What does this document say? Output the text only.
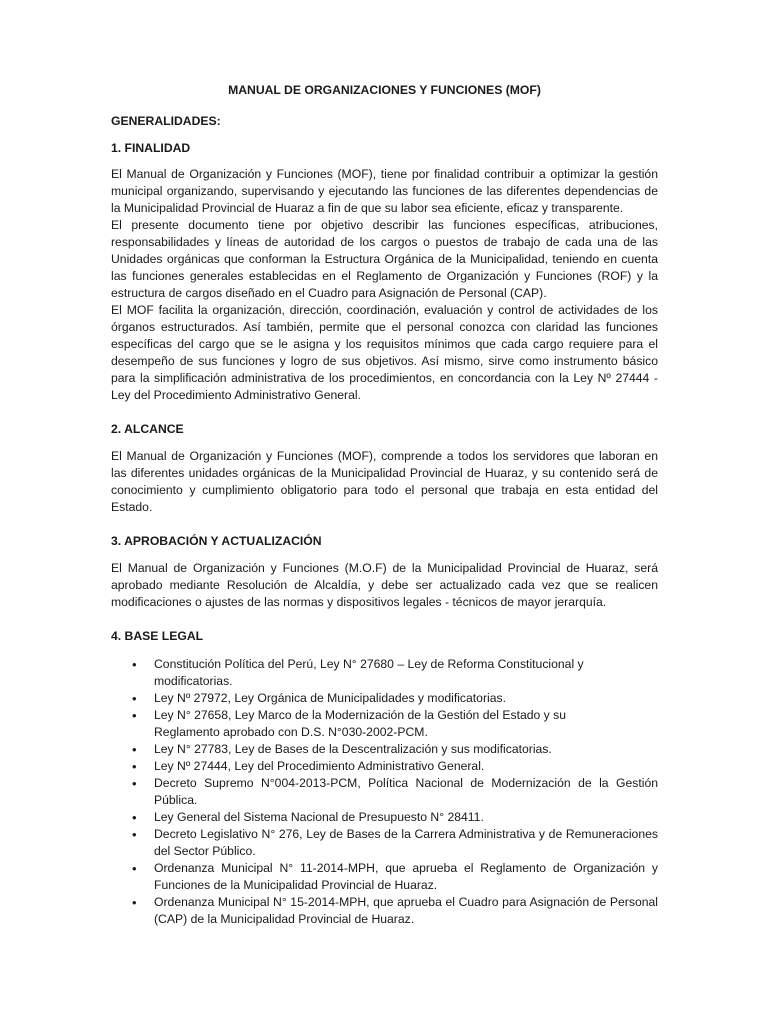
MANUAL DE ORGANIZACIONES Y FUNCIONES (MOF)

GENERALIDADES:

1. FINALIDAD

El Manual de Organización y Funciones (MOF), tiene por finalidad contribuir a optimizar la gestión municipal organizando, supervisando y ejecutando las funciones de las diferentes dependencias de la Municipalidad Provincial de Huaraz a fin de que su labor sea eficiente, eficaz y transparente.

El presente documento tiene por objetivo describir las funciones específicas, atribuciones, responsabilidades y líneas de autoridad de los cargos o puestos de trabajo de cada una de las Unidades orgánicas que conforman la Estructura Orgánica de la Municipalidad, teniendo en cuenta las funciones generales establecidas en el Reglamento de Organización y Funciones (ROF) y la estructura de cargos diseñado en el Cuadro para Asignación de Personal (CAP).

El MOF facilita la organización, dirección, coordinación, evaluación y control de actividades de los órganos estructurados. Así también, permite que el personal conozca con claridad las funciones específicas del cargo que se le asigna y los requisitos mínimos que cada cargo requiere para el desempeño de sus funciones y logro de sus objetivos. Así mismo, sirve como instrumento básico para la simplificación administrativa de los procedimientos, en concordancia con la Ley Nº 27444 - Ley del Procedimiento Administrativo General.

2. ALCANCE

El Manual de Organización y Funciones (MOF), comprende a todos los servidores que laboran en las diferentes unidades orgánicas de la Municipalidad Provincial de Huaraz, y su contenido será de conocimiento y cumplimiento obligatorio para todo el personal que trabaja en esta entidad del Estado.

3. APROBACIÓN Y ACTUALIZACIÓN

El Manual de Organización y Funciones (M.O.F) de la Municipalidad Provincial de Huaraz, será aprobado mediante Resolución de Alcaldía, y debe ser actualizado cada vez que se realicen modificaciones o ajustes de las normas y dispositivos legales - técnicos de mayor jerarquía.

4. BASE LEGAL

• Constitución Política del Perú, Ley N° 27680 – Ley de Reforma Constitucional y modificatorias.
• Ley Nº 27972, Ley Orgánica de Municipalidades y modificatorias.
• Ley N° 27658, Ley Marco de la Modernización de la Gestión del Estado y su Reglamento aprobado con D.S. N°030-2002-PCM.
• Ley N° 27783, Ley de Bases de la Descentralización y sus modificatorias.
• Ley Nº 27444, Ley del Procedimiento Administrativo General.
• Decreto Supremo N°004-2013-PCM, Política Nacional de Modernización de la Gestión Pública.
• Ley General del Sistema Nacional de Presupuesto N° 28411.
• Decreto Legislativo N° 276, Ley de Bases de la Carrera Administrativa y de Remuneraciones del Sector Público.
• Ordenanza Municipal N° 11-2014-MPH, que aprueba el Reglamento de Organización y Funciones de la Municipalidad Provincial de Huaraz.
• Ordenanza Municipal N° 15-2014-MPH, que aprueba el Cuadro para Asignación de Personal (CAP) de la Municipalidad Provincial de Huaraz.
